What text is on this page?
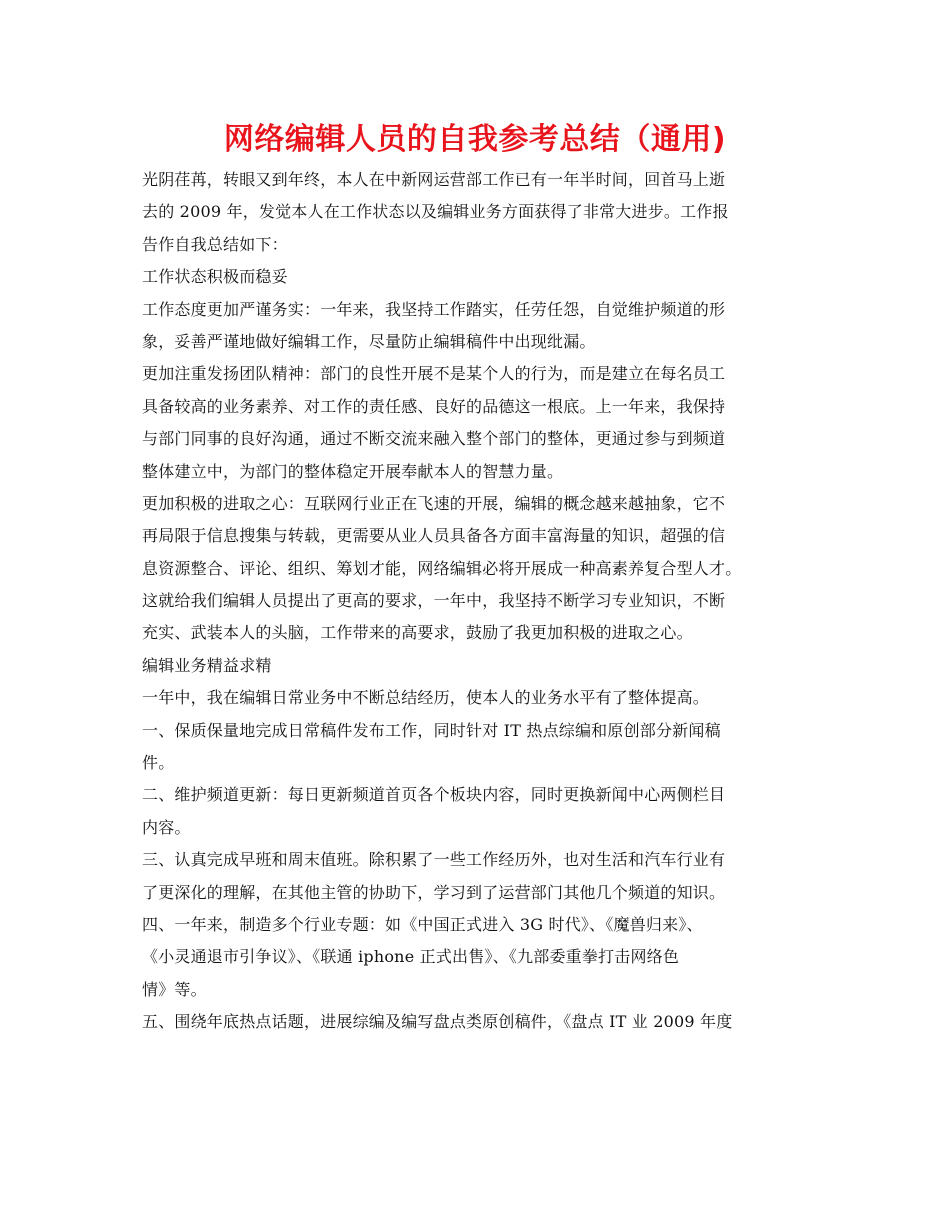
网络编辑人员的自我参考总结（通用)
光阴荏苒，转眼又到年终，本人在中新网运营部工作已有一年半时间，回首马上逝
去的 2009 年，发觉本人在工作状态以及编辑业务方面获得了非常大进步。工作报
告作自我总结如下：
工作状态积极而稳妥
工作态度更加严谨务实：一年来，我坚持工作踏实，任劳任怨，自觉维护频道的形
象，妥善严谨地做好编辑工作，尽量防止编辑稿件中出现纰漏。
更加注重发扬团队精神：部门的良性开展不是某个人的行为，而是建立在每名员工
具备较高的业务素养、对工作的责任感、良好的品德这一根底。上一年来，我保持
与部门同事的良好沟通，通过不断交流来融入整个部门的整体，更通过参与到频道
整体建立中，为部门的整体稳定开展奉献本人的智慧力量。
更加积极的进取之心：互联网行业正在飞速的开展，编辑的概念越来越抽象，它不
再局限于信息搜集与转载，更需要从业人员具备各方面丰富海量的知识，超强的信
息资源整合、评论、组织、筹划才能，网络编辑必将开展成一种高素养复合型人才。
这就给我们编辑人员提出了更高的要求，一年中，我坚持不断学习专业知识，不断
充实、武装本人的头脑，工作带来的高要求，鼓励了我更加积极的进取之心。
编辑业务精益求精
一年中，我在编辑日常业务中不断总结经历，使本人的业务水平有了整体提高。
一、保质保量地完成日常稿件发布工作，同时针对 IT 热点综编和原创部分新闻稿
件。
二、维护频道更新：每日更新频道首页各个板块内容，同时更换新闻中心两侧栏目
内容。
三、认真完成早班和周末值班。除积累了一些工作经历外，也对生活和汽车行业有
了更深化的理解，在其他主管的协助下，学习到了运营部门其他几个频道的知识。
四、一年来，制造多个行业专题：如《中国正式进入 3G 时代》、《魔兽归来》、
《小灵通退市引争议》、《联通 iphone 正式出售》、《九部委重拳打击网络色
情》等。
五、围绕年底热点话题，进展综编及编写盘点类原创稿件，《盘点 IT 业 2009 年度
